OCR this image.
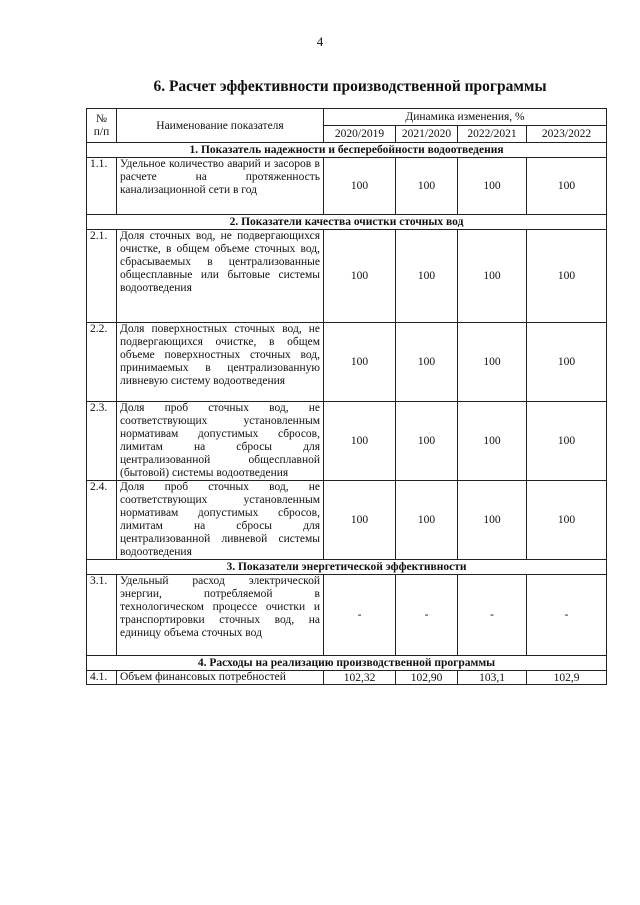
4
6. Расчет эффективности производственной программы
№ п/п	Наименование показателя	Динамика изменения, %			
		2020/2019	2021/2020	2022/2021	2023/2022
1. Показатель надежности и бесперебойности водоотведения					
1.1.	Удельное количество аварий и засоров в расчете на протяженность канализационной сети в год	100	100	100	100
2. Показатели качества очистки сточных вод					
2.1.	Доля сточных вод, не подвергающихся очистке, в общем объеме сточных вод, сбрасываемых в централизованные общесплавные или бытовые системы водоотведения	100	100	100	100
2.2.	Доля поверхностных сточных вод, не подвергающихся очистке, в общем объеме поверхностных сточных вод, принимаемых в централизованную ливневую систему водоотведения	100	100	100	100
2.3.	Доля проб сточных вод, не соответствующих установленным нормативам допустимых сбросов, лимитам на сбросы для централизованной общесплавной (бытовой) системы водоотведения	100	100	100	100
2.4.	Доля проб сточных вод, не соответствующих установленным нормативам допустимых сбросов, лимитам на сбросы для централизованной ливневой системы водоотведения	100	100	100	100
3. Показатели энергетической эффективности					
3.1.	Удельный расход электрической энергии, потребляемой в технологическом процессе очистки и транспортировки сточных вод, на единицу объема сточных вод	-	-	-	-
4. Расходы на реализацию производственной программы					
4.1.	Объем финансовых потребностей	102,32	102,90	103,1	102,9
